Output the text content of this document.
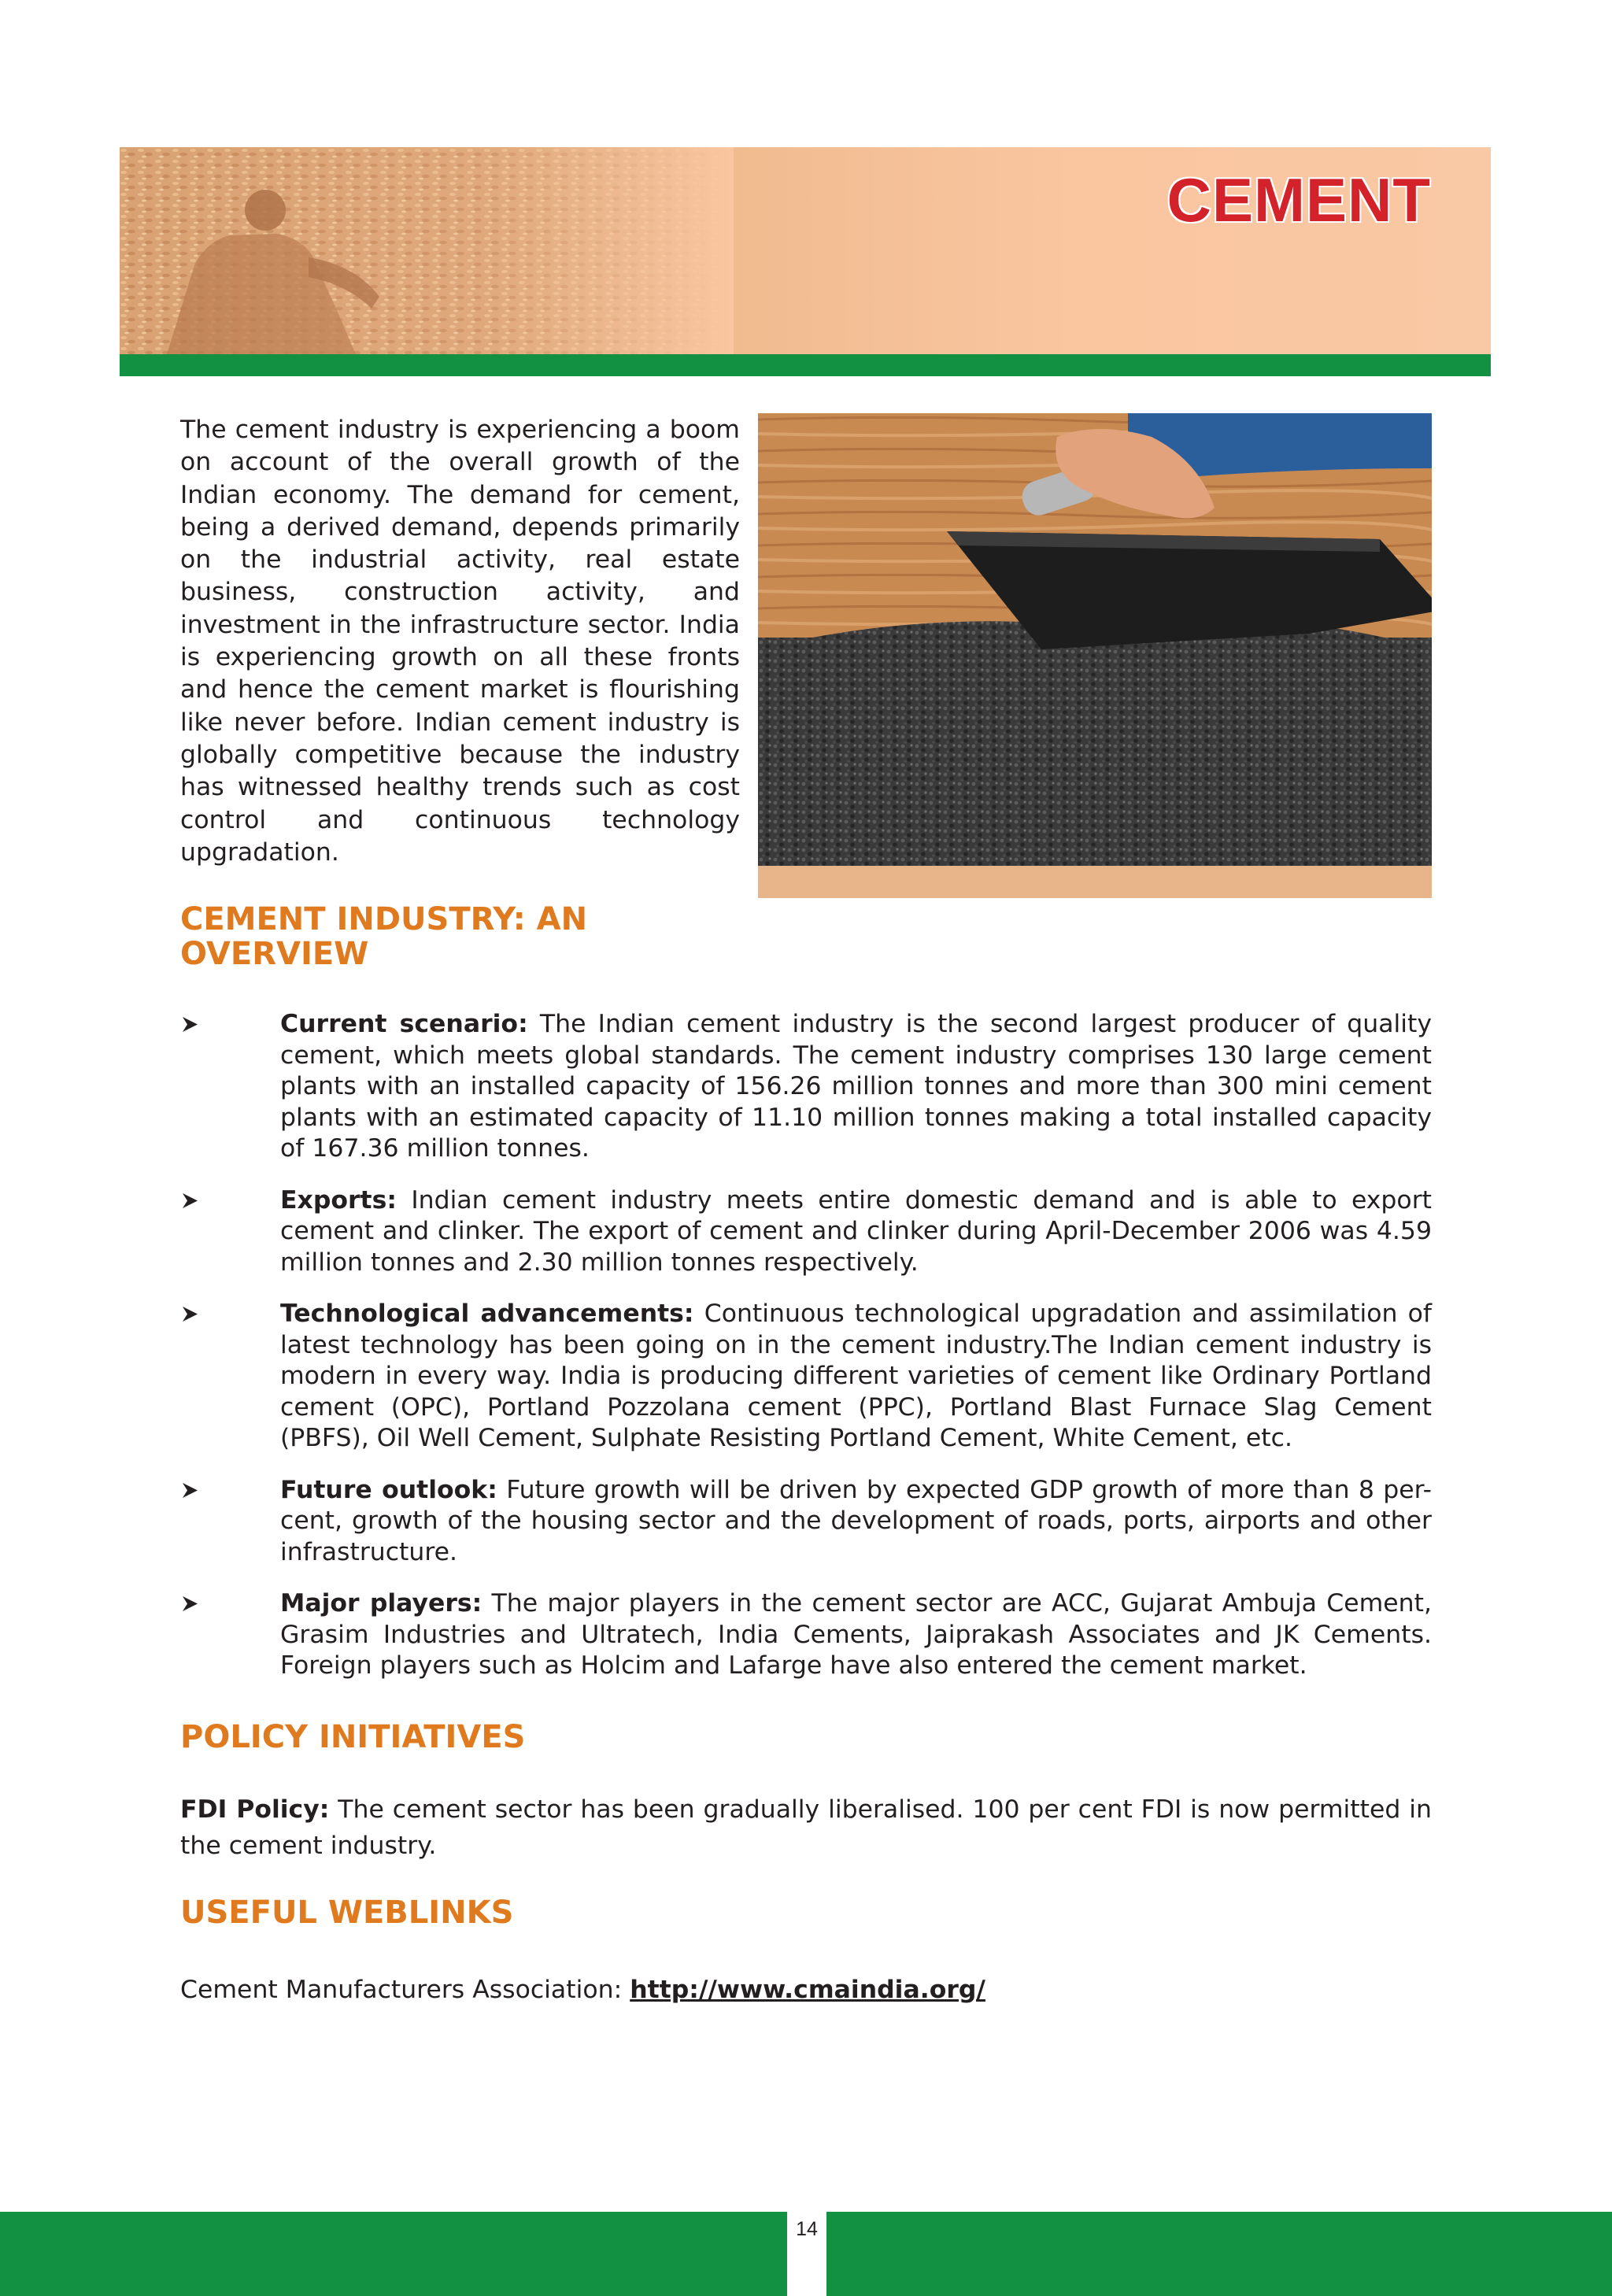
CEMENT
The cement industry is experiencing a boom on account of the overall growth of the Indian economy. The demand for cement, being a derived demand, depends primarily on the industrial activity, real estate business, construction activity, and investment in the infrastructure sector. India is experiencing growth on all these fronts and hence the cement market is flourishing like never before. Indian cement industry is globally competitive because the industry has witnessed healthy trends such as cost control and continuous technology upgradation.
CEMENT INDUSTRY: AN
OVERVIEW
Current scenario: The Indian cement industry is the second largest producer of quality cement, which meets global standards. The cement industry comprises 130 large cement plants with an installed capacity of 156.26 million tonnes and more than 300 mini cement plants with an estimated capacity of 11.10 million tonnes making a total installed capacity of 167.36 million tonnes.
Exports: Indian cement industry meets entire domestic demand and is able to export cement and clinker. The export of cement and clinker during April-December 2006 was 4.59 million tonnes and 2.30 million tonnes respectively.
Technological advancements: Continuous technological upgradation and assimilation of latest technology has been going on in the cement industry.The Indian cement industry is modern in every way. India is producing different varieties of cement like Ordinary Portland cement (OPC), Portland Pozzolana cement (PPC), Portland Blast Furnace Slag Cement (PBFS), Oil Well Cement, Sulphate Resisting Portland Cement, White Cement, etc.
Future outlook: Future growth will be driven by expected GDP growth of more than 8 per-cent, growth of the housing sector and the development of roads, ports, airports and other infrastructure.
Major players: The major players in the cement sector are ACC, Gujarat Ambuja Cement, Grasim Industries and Ultratech, India Cements, Jaiprakash Associates and JK Cements. Foreign players such as Holcim and Lafarge have also entered the cement market.
POLICY INITIATIVES
FDI Policy: The cement sector has been gradually liberalised. 100 per cent FDI is now permitted in the cement industry.
USEFUL WEBLINKS
Cement Manufacturers Association: http://www.cmaindia.org/
14
